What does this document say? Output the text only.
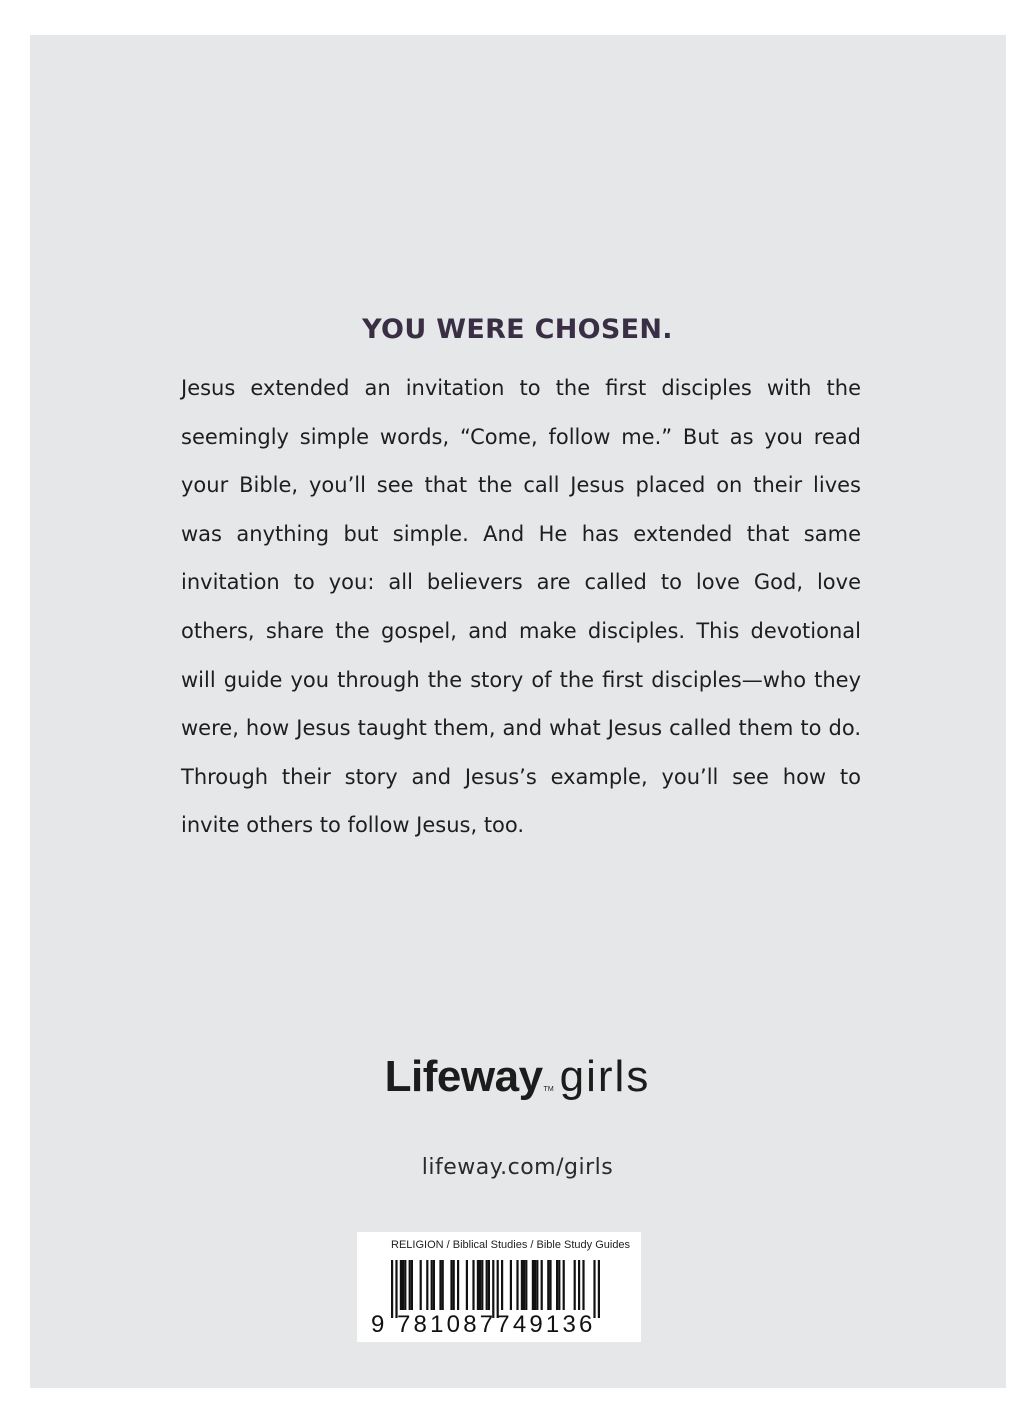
YOU WERE CHOSEN.

Jesus extended an invitation to the first disciples with the seemingly simple words, “Come, follow me.” But as you read your Bible, you’ll see that the call Jesus placed on their lives was anything but simple. And He has extended that same invitation to you: all believers are called to love God, love others, share the gospel, and make disciples. This devotional will guide you through the story of the first disciples—who they were, how Jesus taught them, and what Jesus called them to do. Through their story and Jesus’s example, you’ll see how to invite others to follow Jesus, too.

LifewayTM girls
lifeway.com/girls
RELIGION / Biblical Studies / Bible Study Guides
9 781087749136
